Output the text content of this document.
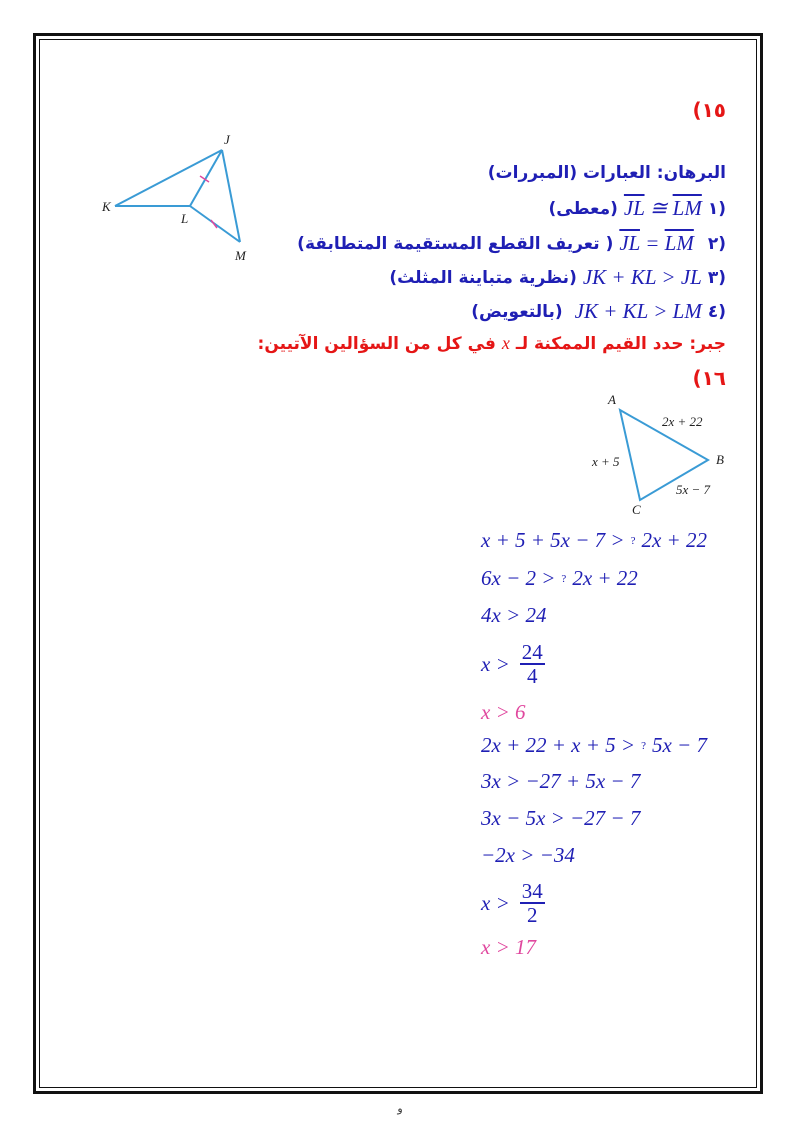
(١٥
J
K
L
M
البرهان: العبارات (المبررات)
(معطى) $\overline{JL}$ ≅ $\overline{LM}$ ١)
( تعريف القطع المستقيمة المتطابقة) $\overline{JL} = \overline{LM}$ ٢)
(نظرية متباينة المثلث) JK + KL > JL ٣)
(بالتعويض) JK + KL > LM ٤)
في كل من السؤالين الآتيين: x جبر: حدد القيم الممكنة لـ
(١٦
A
B
C
2x + 22
x + 5
5x − 7
x + 5 + 5x − 7 > ? 2x + 22
6x − 2 > ? 2x + 22
4x > 24
$x > \frac{24}{4}$
x > 6
2x + 22 + x + 5 > ? 5x − 7
3x > −27 + 5x − 7
3x − 5x > −27 − 7
−2x > −34
$x > \frac{34}{2}$
x > 17
ﻭ
